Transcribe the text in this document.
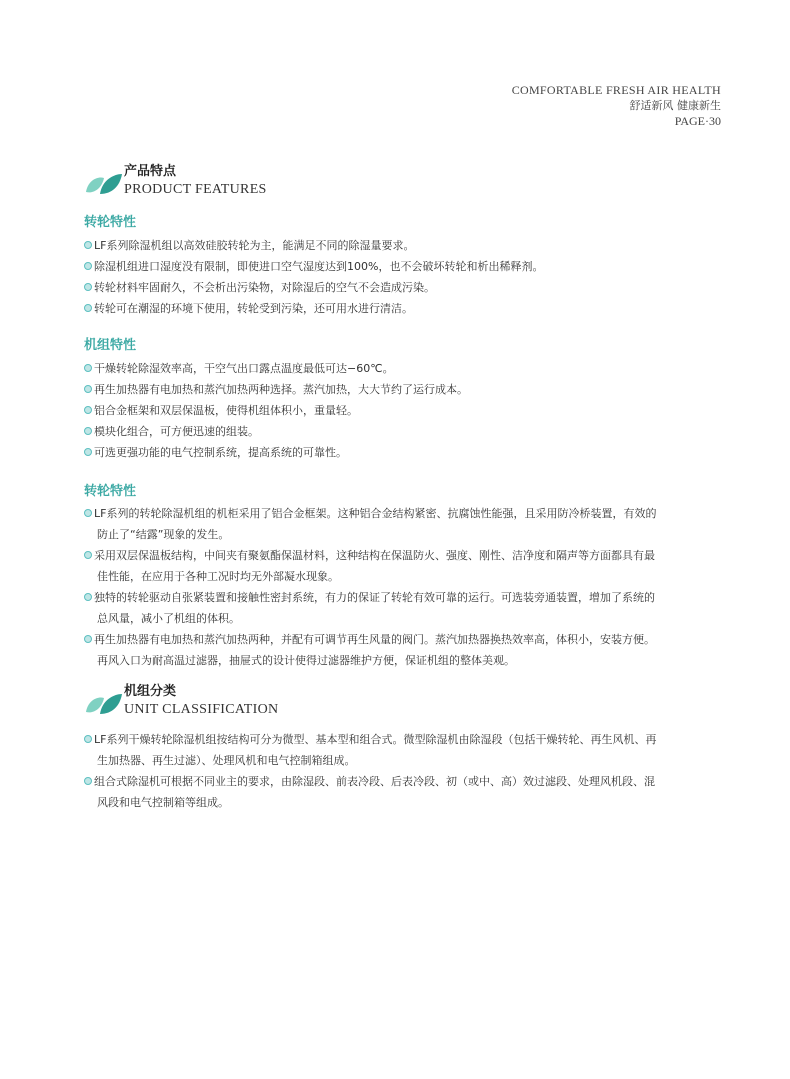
COMFORTABLE FRESH AIR HEALTH
舒适新风 健康新生
PAGE·30
产品特点
PRODUCT FEATURES
转轮特性
LF系列除湿机组以高效硅胶转轮为主，能满足不同的除湿量要求。
除湿机组进口湿度没有限制，即使进口空气湿度达到100%，也不会破坏转轮和析出稀释剂。
转轮材料牢固耐久，不会析出污染物，对除湿后的空气不会造成污染。
转轮可在潮湿的环境下使用，转轮受到污染，还可用水进行清洁。
机组特性
干燥转轮除湿效率高，干空气出口露点温度最低可达−60℃。
再生加热器有电加热和蒸汽加热两种选择。蒸汽加热，大大节约了运行成本。
铝合金框架和双层保温板，使得机组体积小，重量轻。
模块化组合，可方便迅速的组装。
可选更强功能的电气控制系统，提高系统的可靠性。
转轮特性
LF系列的转轮除湿机组的机柜采用了铝合金框架。这种铝合金结构紧密、抗腐蚀性能强，且采用防冷桥装置，有效的
防止了“结露”现象的发生。
采用双层保温板结构，中间夹有聚氨酯保温材料，这种结构在保温防火、强度、刚性、洁净度和隔声等方面都具有最
佳性能，在应用于各种工况时均无外部凝水现象。
独特的转轮驱动自张紧装置和接触性密封系统，有力的保证了转轮有效可靠的运行。可选装旁通装置，增加了系统的
总风量，减小了机组的体积。
再生加热器有电加热和蒸汽加热两种，并配有可调节再生风量的阀门。蒸汽加热器换热效率高，体积小，安装方便。
再风入口为耐高温过滤器，抽屉式的设计使得过滤器维护方便，保证机组的整体美观。
机组分类
UNIT CLASSIFICATION
LF系列干燥转轮除湿机组按结构可分为微型、基本型和组合式。微型除湿机由除湿段（包括干燥转轮、再生风机、再
生加热器、再生过滤）、处理风机和电气控制箱组成。
组合式除湿机可根据不同业主的要求，由除湿段、前表冷段、后表冷段、初（或中、高）效过滤段、处理风机段、混
风段和电气控制箱等组成。
